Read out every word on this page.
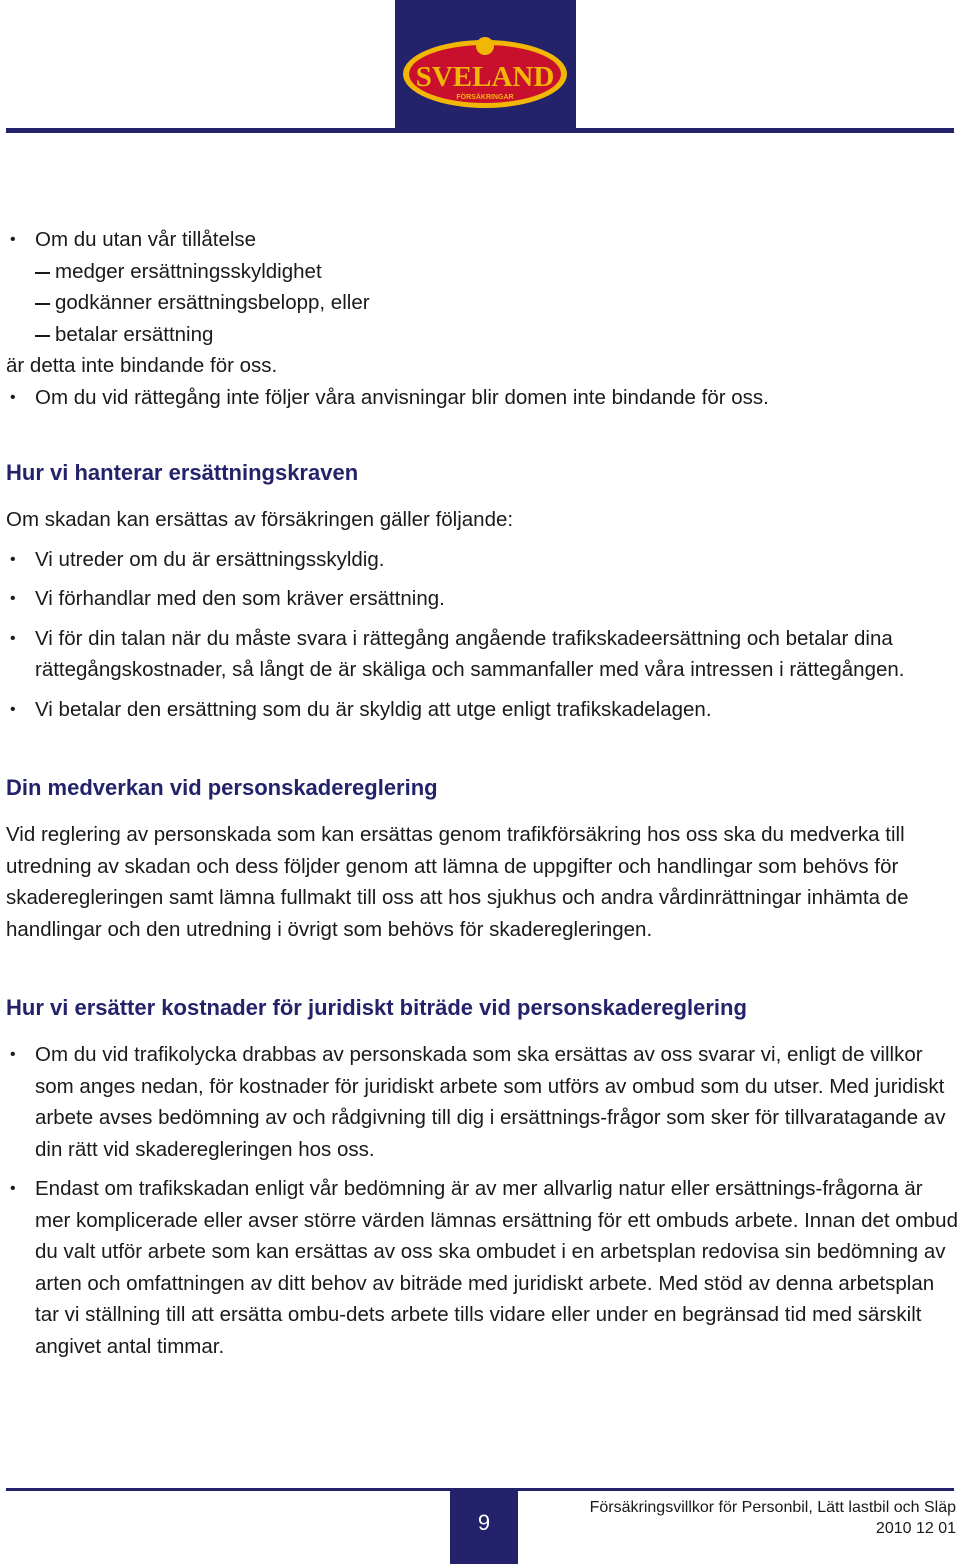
SVELAND
FÖRSÄKRINGAR
• Om du utan vår tillåtelse
medger ersättningsskyldighet
godkänner ersättningsbelopp, eller
betalar ersättning

är detta inte bindande för oss.

• Om du vid rättegång inte följer våra anvisningar blir domen inte bindande för oss.
Hur vi hanterar ersättningskraven

Om skadan kan ersättas av försäkringen gäller följande:

• Vi utreder om du är ersättningsskyldig.
• Vi förhandlar med den som kräver ersättning.
• Vi för din talan när du måste svara i rättegång angående trafikskadeersättning och betalar dina rättegångskostnader, så långt de är skäliga och sammanfaller med våra intressen i rättegången.
• Vi betalar den ersättning som du är skyldig att utge enligt trafikskadelagen.
Din medverkan vid personskadereglering

Vid reglering av personskada som kan ersättas genom trafikförsäkring hos oss ska du medverka till utredning av skadan och dess följder genom att lämna de uppgifter och handlingar som behövs för skaderegleringen samt lämna fullmakt till oss att hos sjukhus och andra vårdinrättningar inhämta de handlingar och den utredning i övrigt som behövs för skaderegleringen.

Hur vi ersätter kostnader för juridiskt biträde vid personskadereglering
• Om du vid trafikolycka drabbas av personskada som ska ersättas av oss svarar vi, enligt de villkor som anges nedan, för kostnader för juridiskt arbete som utförs av ombud som du utser. Med juridiskt arbete avses bedömning av och rådgivning till dig i ersättnings-frågor som sker för tillvaratagande av din rätt vid skaderegleringen hos oss.
• Endast om trafikskadan enligt vår bedömning är av mer allvarlig natur eller ersättnings-frågorna är mer komplicerade eller avser större värden lämnas ersättning för ett ombuds arbete. Innan det ombud du valt utför arbete som kan ersättas av oss ska ombudet i en arbetsplan redovisa sin bedömning av arten och omfattningen av ditt behov av biträde med juridiskt arbete. Med stöd av denna arbetsplan tar vi ställning till att ersätta ombu-dets arbete tills vidare eller under en begränsad tid med särskilt angivet antal timmar.
9
Försäkringsvillkor för Personbil, Lätt lastbil och Släp
2010 12 01
